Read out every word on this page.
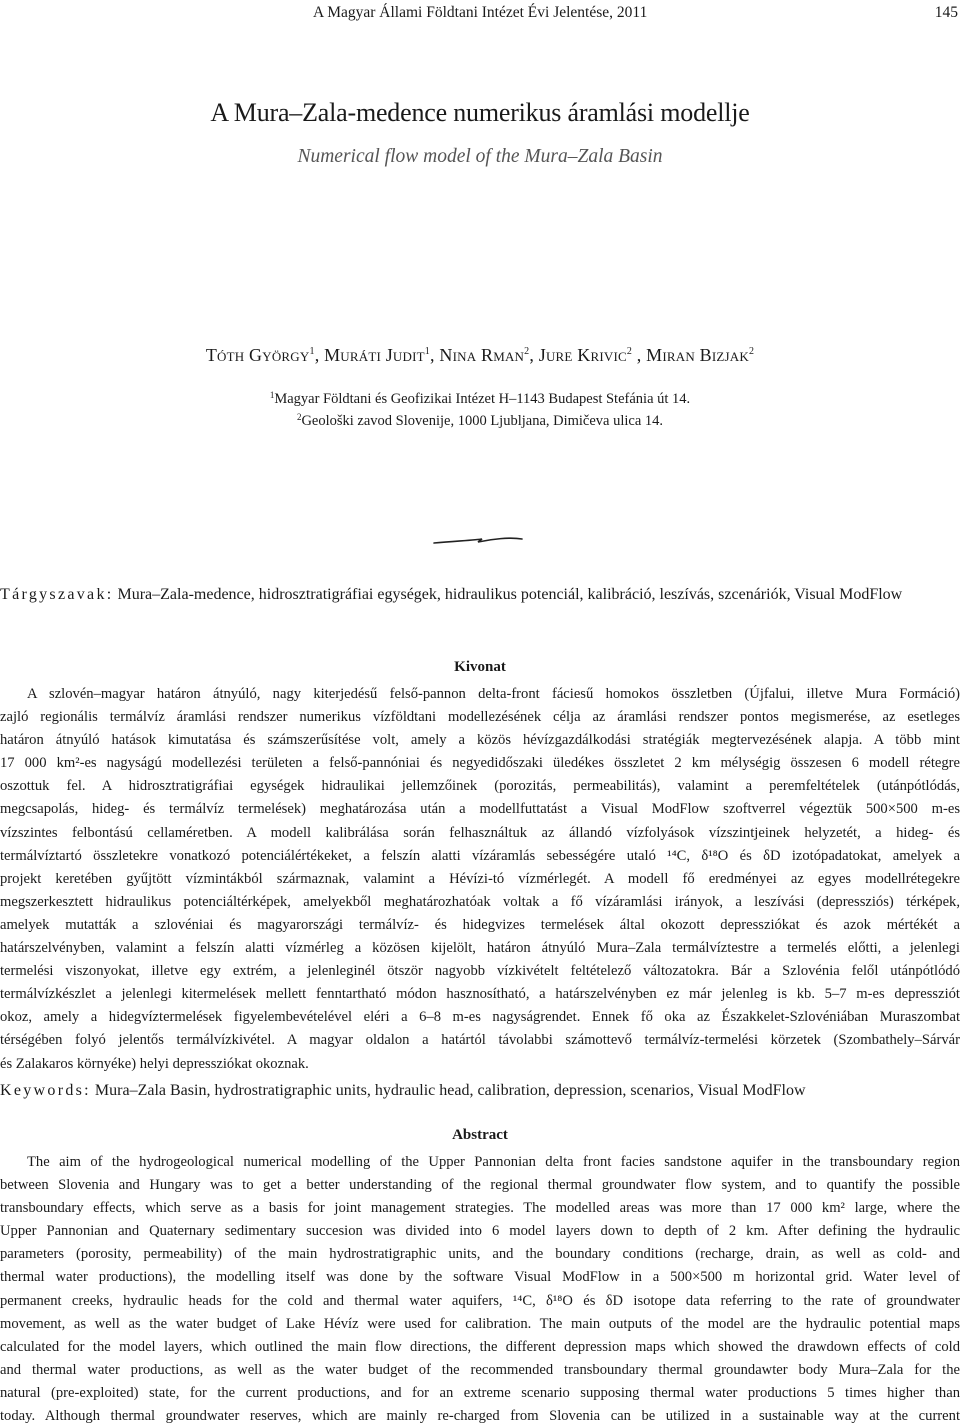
A Magyar Állami Földtani Intézet Évi Jelentése, 2011	145
A Mura–Zala-medence numerikus áramlási modellje
Numerical flow model of the Mura–Zala Basin
Tóth György$^1$, Muráti Judit$^1$, Nina Rman$^2$, Jure Krivic$^2$ , Miran Bizjak$^2$
$^1$Magyar Földtani és Geofizikai Intézet H–1143 Budapest Stefánia út 14.
$^2$Geološki zavod Slovenije, 1000 Ljubljana, Dimičeva ulica 14.
Tárgyszavak: Mura–Zala-medence, hidrosztratigráfiai egységek, hidraulikus potenciál, kalibráció, leszívás, szcenáriók, Visual ModFlow
Kivonat
A szlovén–magyar határon átnyúló, nagy kiterjedésű felső-pannon delta-front fáciesű homokos összletben (Újfalui, illetve Mura Formáció)
zajló regionális termálvíz áramlási rendszer numerikus vízföldtani modellezésének célja az áramlási rendszer pontos megismerése, az esetleges
határon átnyúló hatások kimutatása és számszerűsítése volt, amely a közös hévízgazdálkodási stratégiák megtervezésének alapja. A több mint
17 000 km²-es nagyságú modellezési területen a felső-pannóniai és negyedidőszaki üledékes összletet 2 km mélységig összesen 6 modell rétegre
oszottuk fel. A hidrosztratigráfiai egységek hidraulikai jellemzőinek (porozitás, permeabilitás), valamint a peremfeltételek (utánpótlódás,
megcsapolás, hideg- és termálvíz termelések) meghatározása után a modellfuttatást a Visual ModFlow szoftverrel végeztük 500×500 m-es
vízszintes felbontású cellaméretben. A modell kalibrálása során felhasználtuk az állandó vízfolyások vízszintjeinek helyzetét, a hideg- és
termálvíztartó összletekre vonatkozó potenciálértékeket, a felszín alatti vízáramlás sebességére utaló ¹⁴C, δ¹⁸O és δD izotópadatokat, amelyek a
projekt keretében gyűjtött vízmintákból származnak, valamint a Hévízi-tó vízmérlegét. A modell fő eredményei az egyes modellrétegekre
megszerkesztett hidraulikus potenciáltérképek, amelyekből meghatározhatóak voltak a fő vízáramlási irányok, a leszívási (depressziós) térképek,
amelyek mutatták a szlovéniai és magyarországi termálvíz- és hidegvizes termelések által okozott depressziókat és azok mértékét a
határszelvényben, valamint a felszín alatti vízmérleg a közösen kijelölt, határon átnyúló Mura–Zala termálvíztestre a termelés előtti, a jelenlegi
termelési viszonyokat, illetve egy extrém, a jelenleginél ötször nagyobb vízkivételt feltételező változatokra. Bár a Szlovénia felől utánpótlódó
termálvízkészlet a jelenlegi kitermelések mellett fenntartható módon hasznosítható, a határszelvényben ez már jelenleg is kb. 5–7 m-es depressziót
okoz, amely a hidegvíztermelések figyelembevételével eléri a 6–8 m-es nagyságrendet. Ennek fő oka az Északkelet-Szlovéniában Muraszombat
térségében folyó jelentős termálvízkivétel. A magyar oldalon a határtól távolabbi számottevő termálvíz-termelési körzetek (Szombathely–Sárvár
és Zalakaros környéke) helyi depressziókat okoznak.
Keywords: Mura–Zala Basin, hydrostratigraphic units, hydraulic head, calibration, depression, scenarios, Visual ModFlow
Abstract
The aim of the hydrogeological numerical modelling of the Upper Pannonian delta front facies sandstone aquifer in the transboundary region
between Slovenia and Hungary was to get a better understanding of the regional thermal groundwater flow system, and to quantify the possible
transboundary effects, which serve as a basis for joint management strategies. The modelled areas was more than 17 000 km² large, where the
Upper Pannonian and Quaternary sedimentary succesion was divided into 6 model layers down to depth of 2 km. After defining the hydraulic
parameters (porosity, permeability) of the main hydrostratigraphic units, and the boundary conditions (recharge, drain, as well as cold- and
thermal water productions), the modelling itself was done by the software Visual ModFlow in a 500×500 m horizontal grid. Water level of
permanent creeks, hydraulic heads for the cold and thermal water aquifers, ¹⁴C, δ¹⁸O és δD isotope data referring to the rate of groundwater
movement, as well as the water budget of Lake Hévíz were used for calibration. The main outputs of the model are the hydraulic potential maps
calculated for the model layers, which outlined the main flow directions, the different depression maps which showed the drawdown effects of cold
and thermal water productions, as well as the water budget of the recommended transboundary thermal groundawter body Mura–Zala for the
natural (pre-exploited) state, for the current productions, and for an extreme scenario supposing thermal water productions 5 times higher than
today. Although thermal groundwater reserves, which are mainly re-charged from Slovenia can be utilized in a sustainable way at the current
